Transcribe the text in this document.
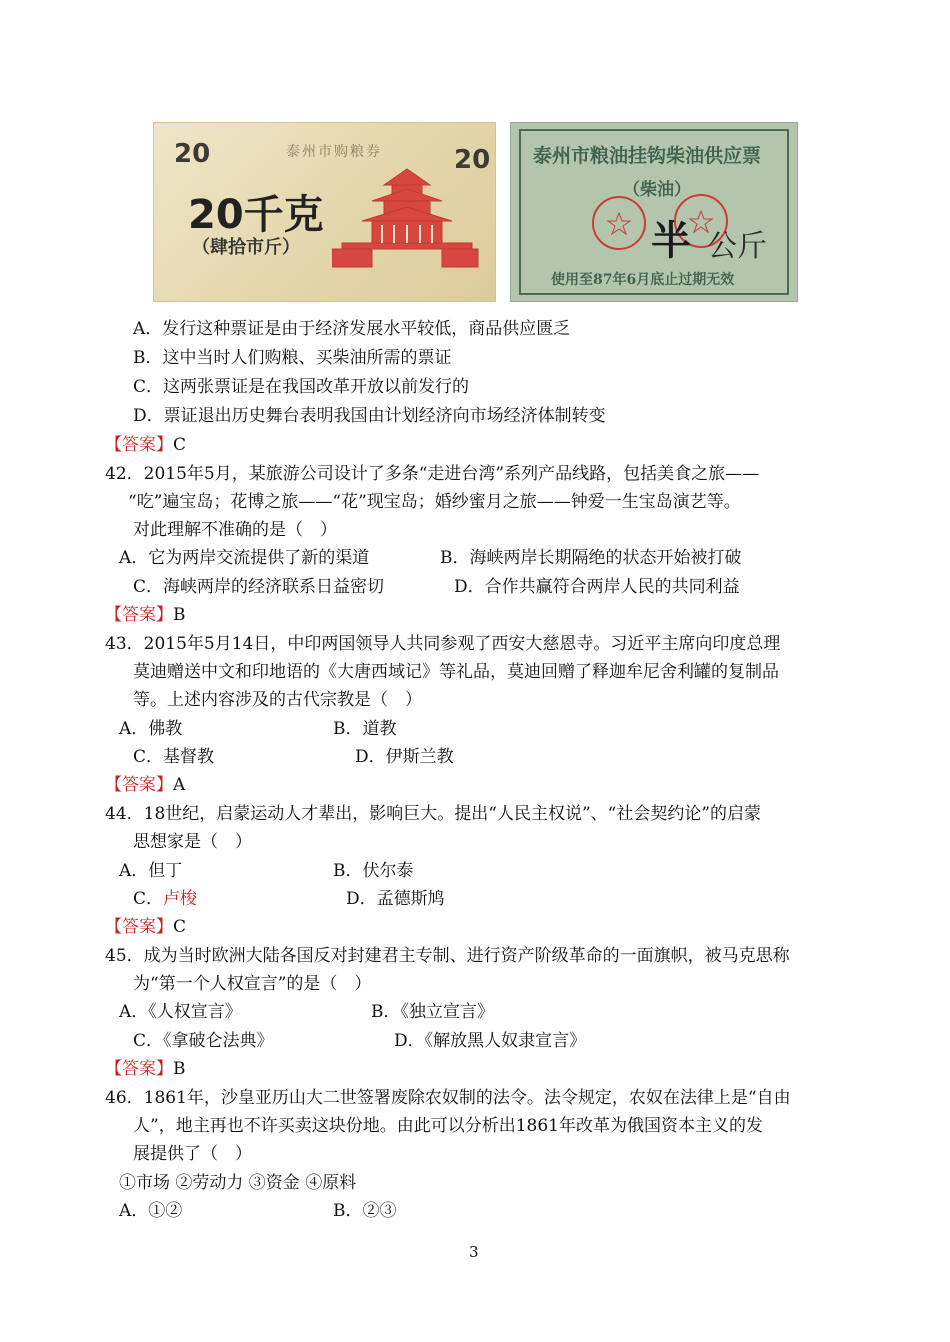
20	泰州市购粮券	20
20千克
（肆拾市斤）
泰州市粮油挂钩柴油供应票
（柴油）
半 公斤
使用至87年6月底止过期无效
A．发行这种票证是由于经济发展水平较低，商品供应匮乏
B．这中当时人们购粮、买柴油所需的票证
C．这两张票证是在我国改革开放以前发行的
D．票证退出历史舞台表明我国由计划经济向市场经济体制转变
【答案】C
42．2015年5月，某旅游公司设计了多条“走进台湾”系列产品线路，包括美食之旅——
“吃”遍宝岛；花博之旅——“花”现宝岛；婚纱蜜月之旅——钟爱一生宝岛演艺等。
对此理解不准确的是（　）
A．它为两岸交流提供了新的渠道	B．海峡两岸长期隔绝的状态开始被打破
C．海峡两岸的经济联系日益密切	D．合作共赢符合两岸人民的共同利益
【答案】B
43．2015年5月14日，中印两国领导人共同参观了西安大慈恩寺。习近平主席向印度总理
莫迪赠送中文和印地语的《大唐西域记》等礼品，莫迪回赠了释迦牟尼舍利罐的复制品
等。上述内容涉及的古代宗教是（　）
A．佛教	B．道教
C．基督教	D．伊斯兰教
【答案】A
44．18世纪，启蒙运动人才辈出，影响巨大。提出“人民主权说”、“社会契约论”的启蒙
思想家是（　）
A．但丁	B．伏尔泰
C．卢梭	D．孟德斯鸠
【答案】C
45．成为当时欧洲大陆各国反对封建君主专制、进行资产阶级革命的一面旗帜，被马克思称
为“第一个人权宣言”的是（　）
A．《人权宣言》	B．《独立宣言》
C．《拿破仑法典》	D．《解放黑人奴隶宣言》
【答案】B
46．1861年，沙皇亚历山大二世签署废除农奴制的法令。法令规定，农奴在法律上是“自由
人”，地主再也不许买卖这块份地。由此可以分析出1861年改革为俄国资本主义的发
展提供了（　）
①市场 ②劳动力 ③资金 ④原料
A．①②	B．②③
3
